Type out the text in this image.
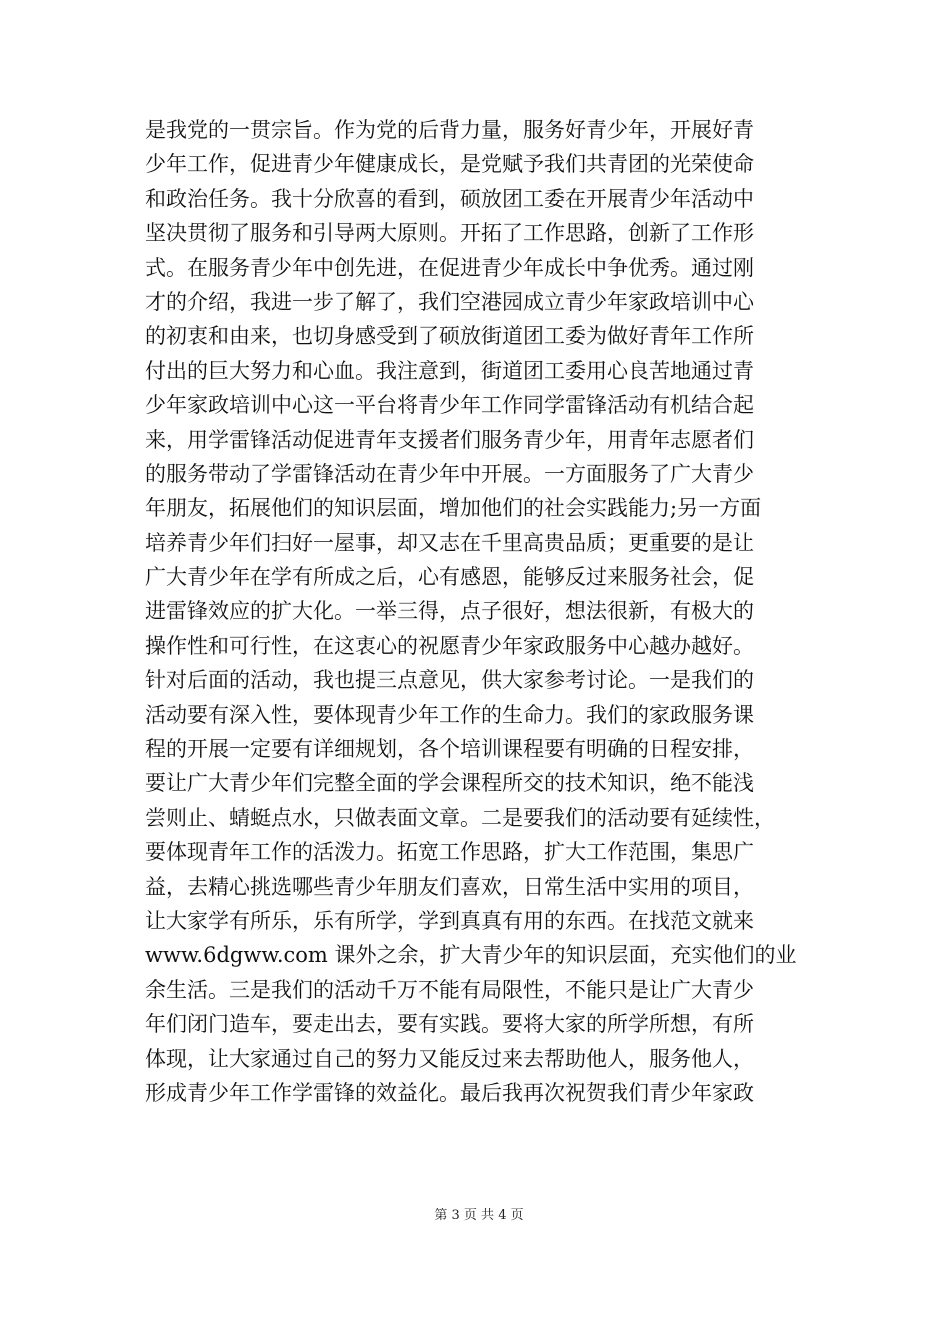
是我党的一贯宗旨。作为党的后背力量，服务好青少年，开展好青
少年工作，促进青少年健康成长，是党赋予我们共青团的光荣使命
和政治任务。我十分欣喜的看到，硕放团工委在开展青少年活动中
坚决贯彻了服务和引导两大原则。开拓了工作思路，创新了工作形
式。在服务青少年中创先进，在促进青少年成长中争优秀。通过刚
才的介绍，我进一步了解了，我们空港园成立青少年家政培训中心
的初衷和由来，也切身感受到了硕放街道团工委为做好青年工作所
付出的巨大努力和心血。我注意到，街道团工委用心良苦地通过青
少年家政培训中心这一平台将青少年工作同学雷锋活动有机结合起
来，用学雷锋活动促进青年支援者们服务青少年，用青年志愿者们
的服务带动了学雷锋活动在青少年中开展。一方面服务了广大青少
年朋友，拓展他们的知识层面，增加他们的社会实践能力;另一方面
培养青少年们扫好一屋事，却又志在千里高贵品质；更重要的是让
广大青少年在学有所成之后，心有感恩，能够反过来服务社会，促
进雷锋效应的扩大化。一举三得，点子很好，想法很新，有极大的
操作性和可行性，在这衷心的祝愿青少年家政服务中心越办越好。
针对后面的活动，我也提三点意见，供大家参考讨论。一是我们的
活动要有深入性，要体现青少年工作的生命力。我们的家政服务课
程的开展一定要有详细规划，各个培训课程要有明确的日程安排，
要让广大青少年们完整全面的学会课程所交的技术知识，绝不能浅
尝则止、蜻蜓点水，只做表面文章。二是要我们的活动要有延续性，
要体现青年工作的活泼力。拓宽工作思路，扩大工作范围，集思广
益，去精心挑选哪些青少年朋友们喜欢，日常生活中实用的项目，
让大家学有所乐，乐有所学，学到真真有用的东西。在找范文就来
www.6dgww.com 课外之余，扩大青少年的知识层面，充实他们的业
余生活。三是我们的活动千万不能有局限性，不能只是让广大青少
年们闭门造车，要走出去，要有实践。要将大家的所学所想，有所
体现，让大家通过自己的努力又能反过来去帮助他人，服务他人，
形成青少年工作学雷锋的效益化。最后我再次祝贺我们青少年家政
第 3 页 共 4 页
